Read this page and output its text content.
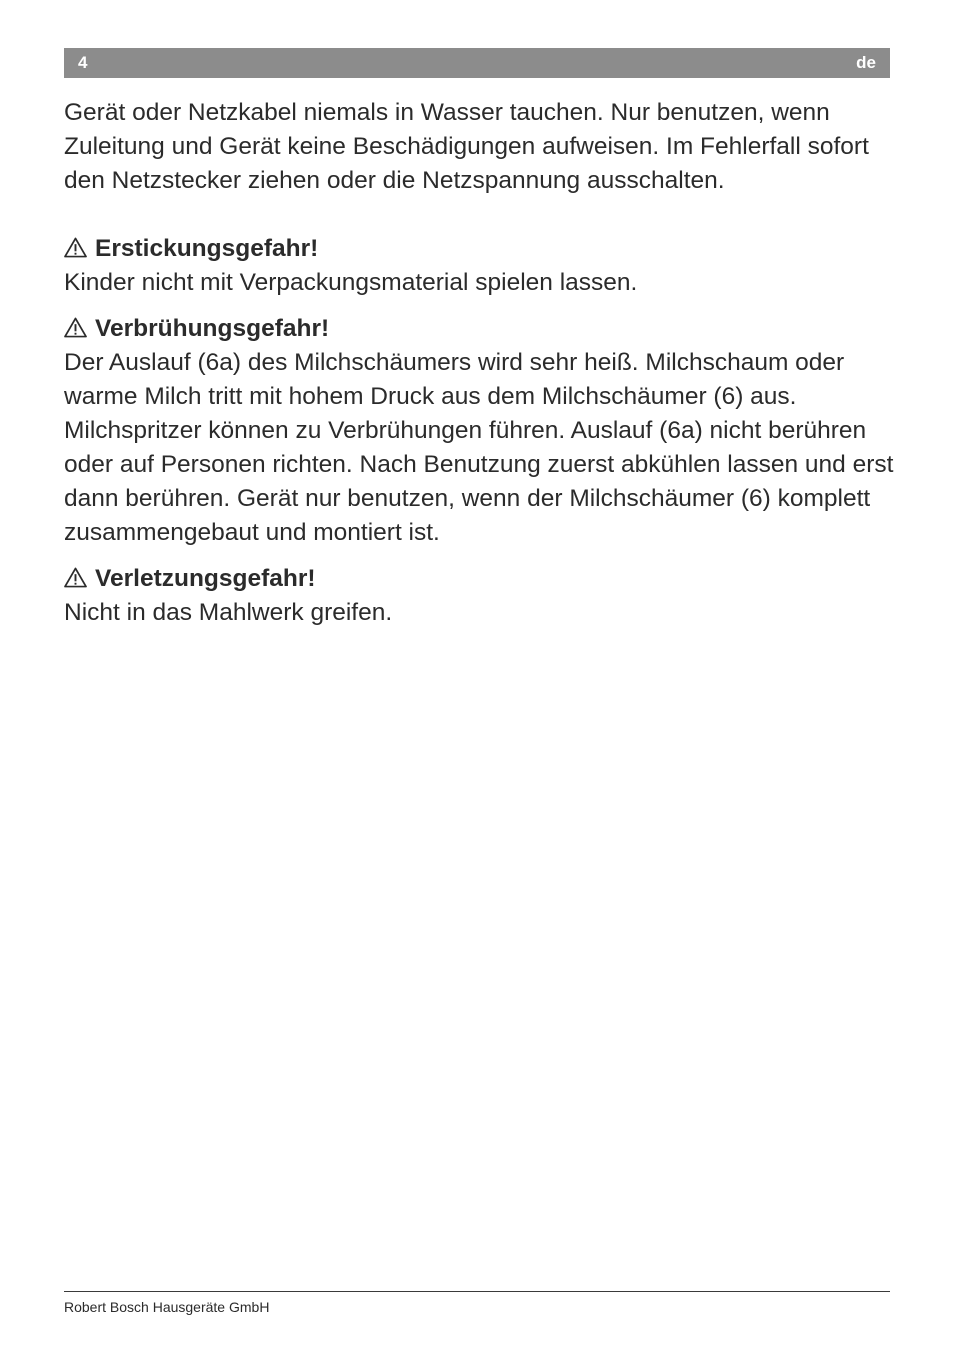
4	de

Gerät oder Netzkabel niemals in Wasser tauchen. Nur benutzen, wenn Zuleitung und Gerät keine Beschädigungen aufweisen. Im Fehlerfall sofort den Netzstecker ziehen oder die Netzspannung ausschalten.

Erstickungsgefahr!

Kinder nicht mit Verpackungsmaterial spielen lassen.

Verbrühungsgefahr!

Der Auslauf (6a) des Milchschäumers wird sehr heiß. Milchschaum oder warme Milch tritt mit hohem Druck aus dem Milchschäumer (6) aus. Milchspritzer können zu Verbrühungen führen. Auslauf (6a) nicht berühren oder auf Personen richten. Nach Benutzung zuerst abkühlen lassen und erst dann berühren. Gerät nur benutzen, wenn der Milchschäumer (6) komplett zusammengebaut und montiert ist.

Verletzungsgefahr!

Nicht in das Mahlwerk greifen.

Robert Bosch Hausgeräte GmbH
